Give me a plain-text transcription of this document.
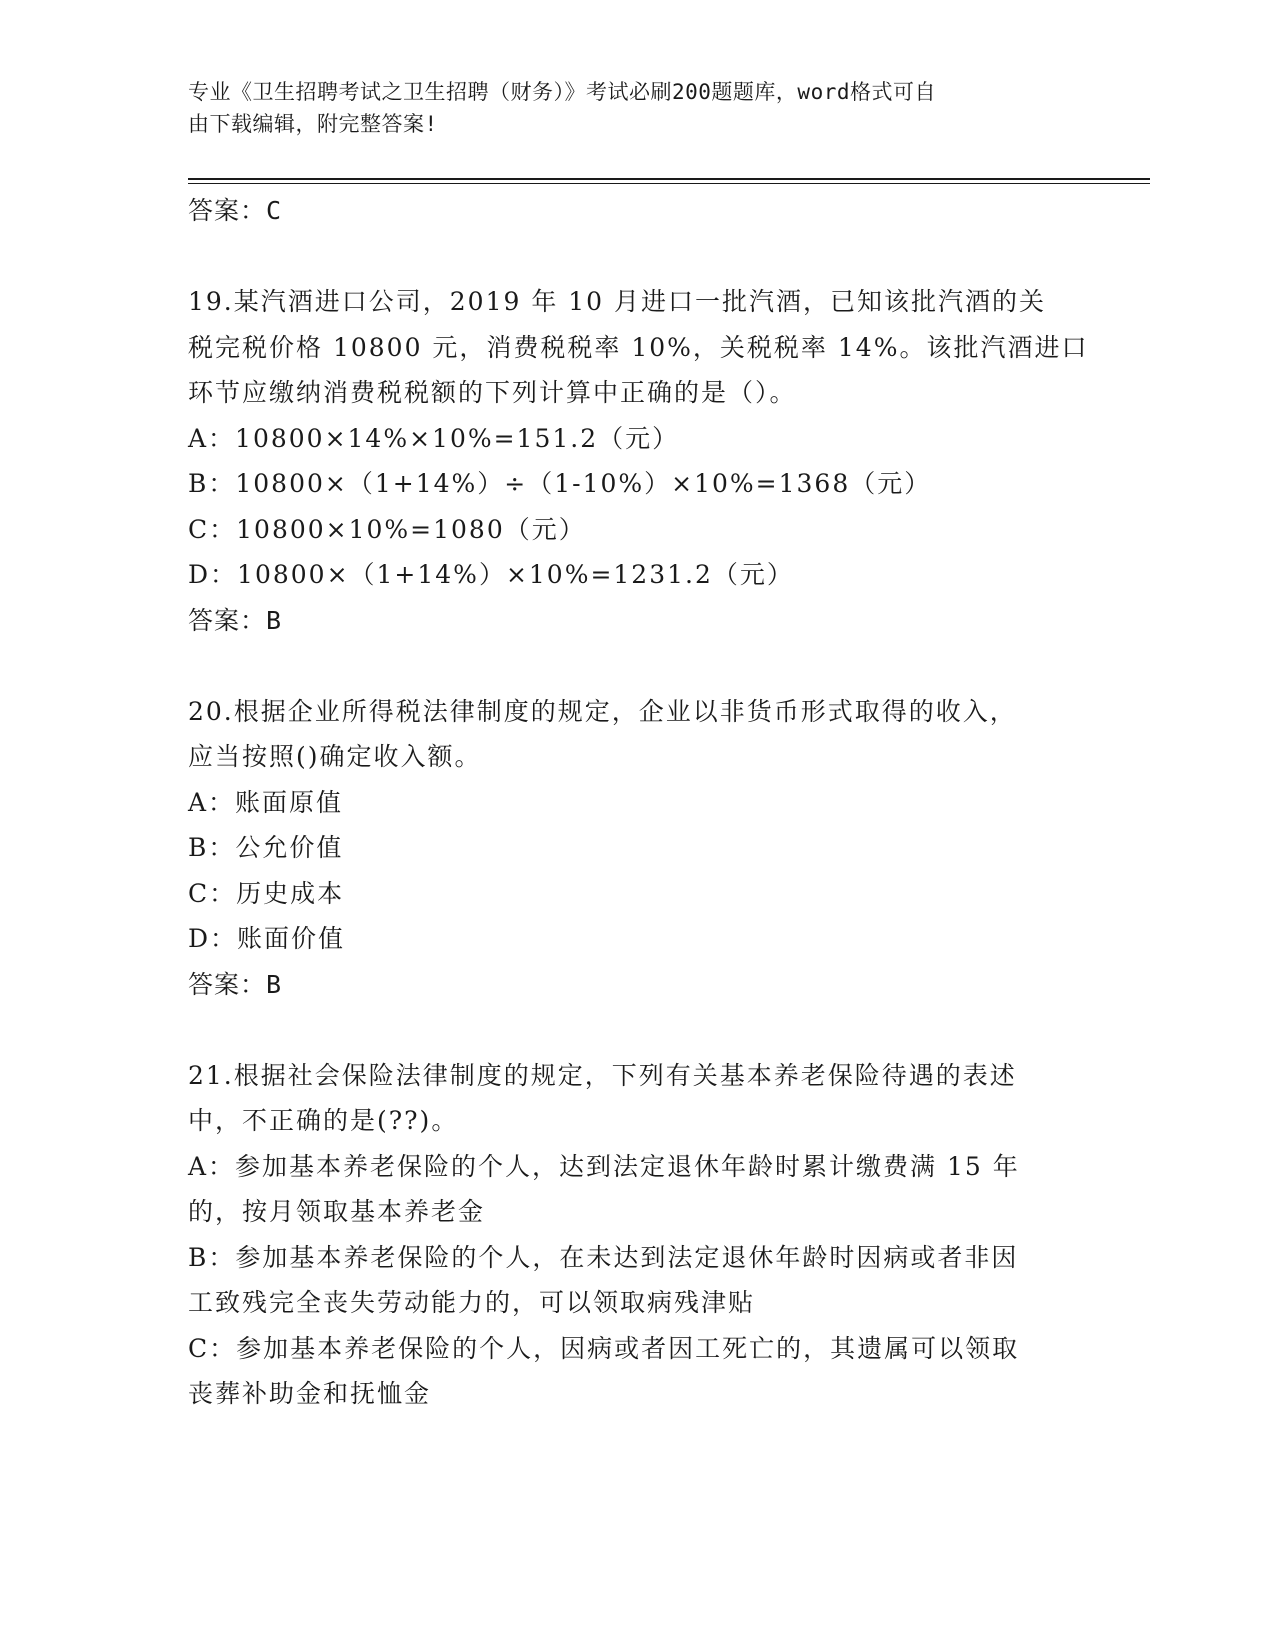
专业《卫生招聘考试之卫生招聘（财务）》考试必刷200题题库，word格式可自
由下载编辑，附完整答案!
答案：C
19.某汽酒进口公司，2019 年 10 月进口一批汽酒，已知该批汽酒的关
税完税价格 10800 元，消费税税率 10%，关税税率 14%。该批汽酒进口
环节应缴纳消费税税额的下列计算中正确的是（）。
A：10800×14%×10%=151.2（元）
B：10800×（1+14%）÷（1-10%）×10%=1368（元）
C：10800×10%=1080（元）
D：10800×（1+14%）×10%=1231.2（元）
答案：B
20.根据企业所得税法律制度的规定，企业以非货币形式取得的收入，
应当按照()确定收入额。
A：账面原值
B：公允价值
C：历史成本
D：账面价值
答案：B
21.根据社会保险法律制度的规定，下列有关基本养老保险待遇的表述
中，不正确的是(??)。
A：参加基本养老保险的个人，达到法定退休年龄时累计缴费满 15 年
的，按月领取基本养老金
B：参加基本养老保险的个人，在未达到法定退休年龄时因病或者非因
工致残完全丧失劳动能力的，可以领取病残津贴
C：参加基本养老保险的个人，因病或者因工死亡的，其遗属可以领取
丧葬补助金和抚恤金
